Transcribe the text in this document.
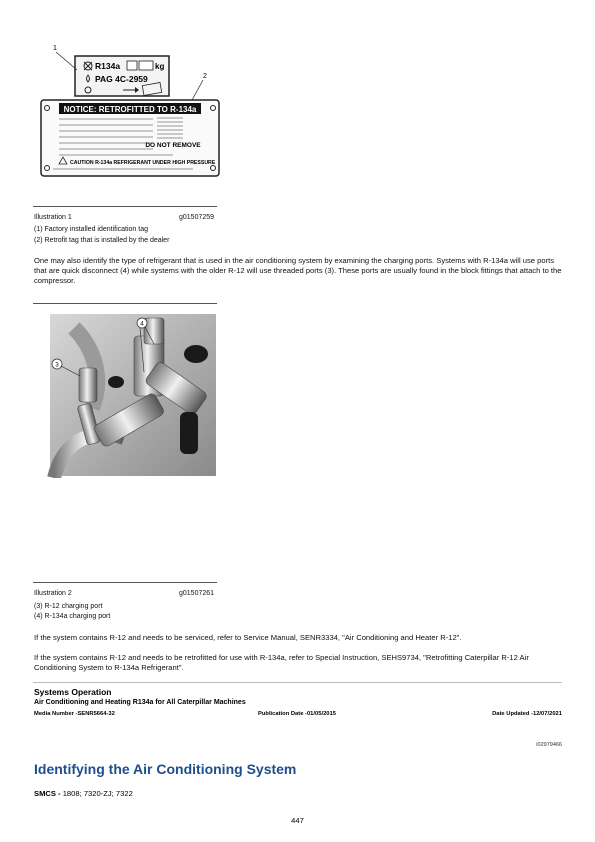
R134a	kg
PAG 4C-2959
1
2
NOTICE: RETROFITTED TO R-134a
DO NOT REMOVE
CAUTION R-134a REFRIGERANT UNDER HIGH PRESSURE
Illustration 1	g01507259
(1) Factory installed identification tag
(2) Retrofit tag that is installed by the dealer
One may also identify the type of refrigerant that is used in the air conditioning system by examining the charging ports. Systems with R-134a will use ports that are quick disconnect (4) while systems with the older R-12 will use threaded ports (3). These ports are usually found in the block fittings that attach to the compressor.
4
3
Illustration 2	g01507261
(3) R-12 charging port
(4) R-134a charging port
If the system contains R-12 and needs to be serviced, refer to Service Manual, SENR3334, "Air Conditioning and Heater R-12".
If the system contains R-12 and needs to be retrofitted for use with R-134a, refer to Special Instruction, SEHS9734, "Retrofitting Caterpillar R-12 Air Conditioning System to R-134a Refrigerant".
Systems Operation
Air Conditioning and Heating R134a for All Caterpillar Machines
Media Number -SENR5664-32	Publication Date -01/05/2015	Date Updated -12/07/2021
i02979466
Identifying the Air Conditioning System
SMCS - 1808; 7320-ZJ; 7322
447
